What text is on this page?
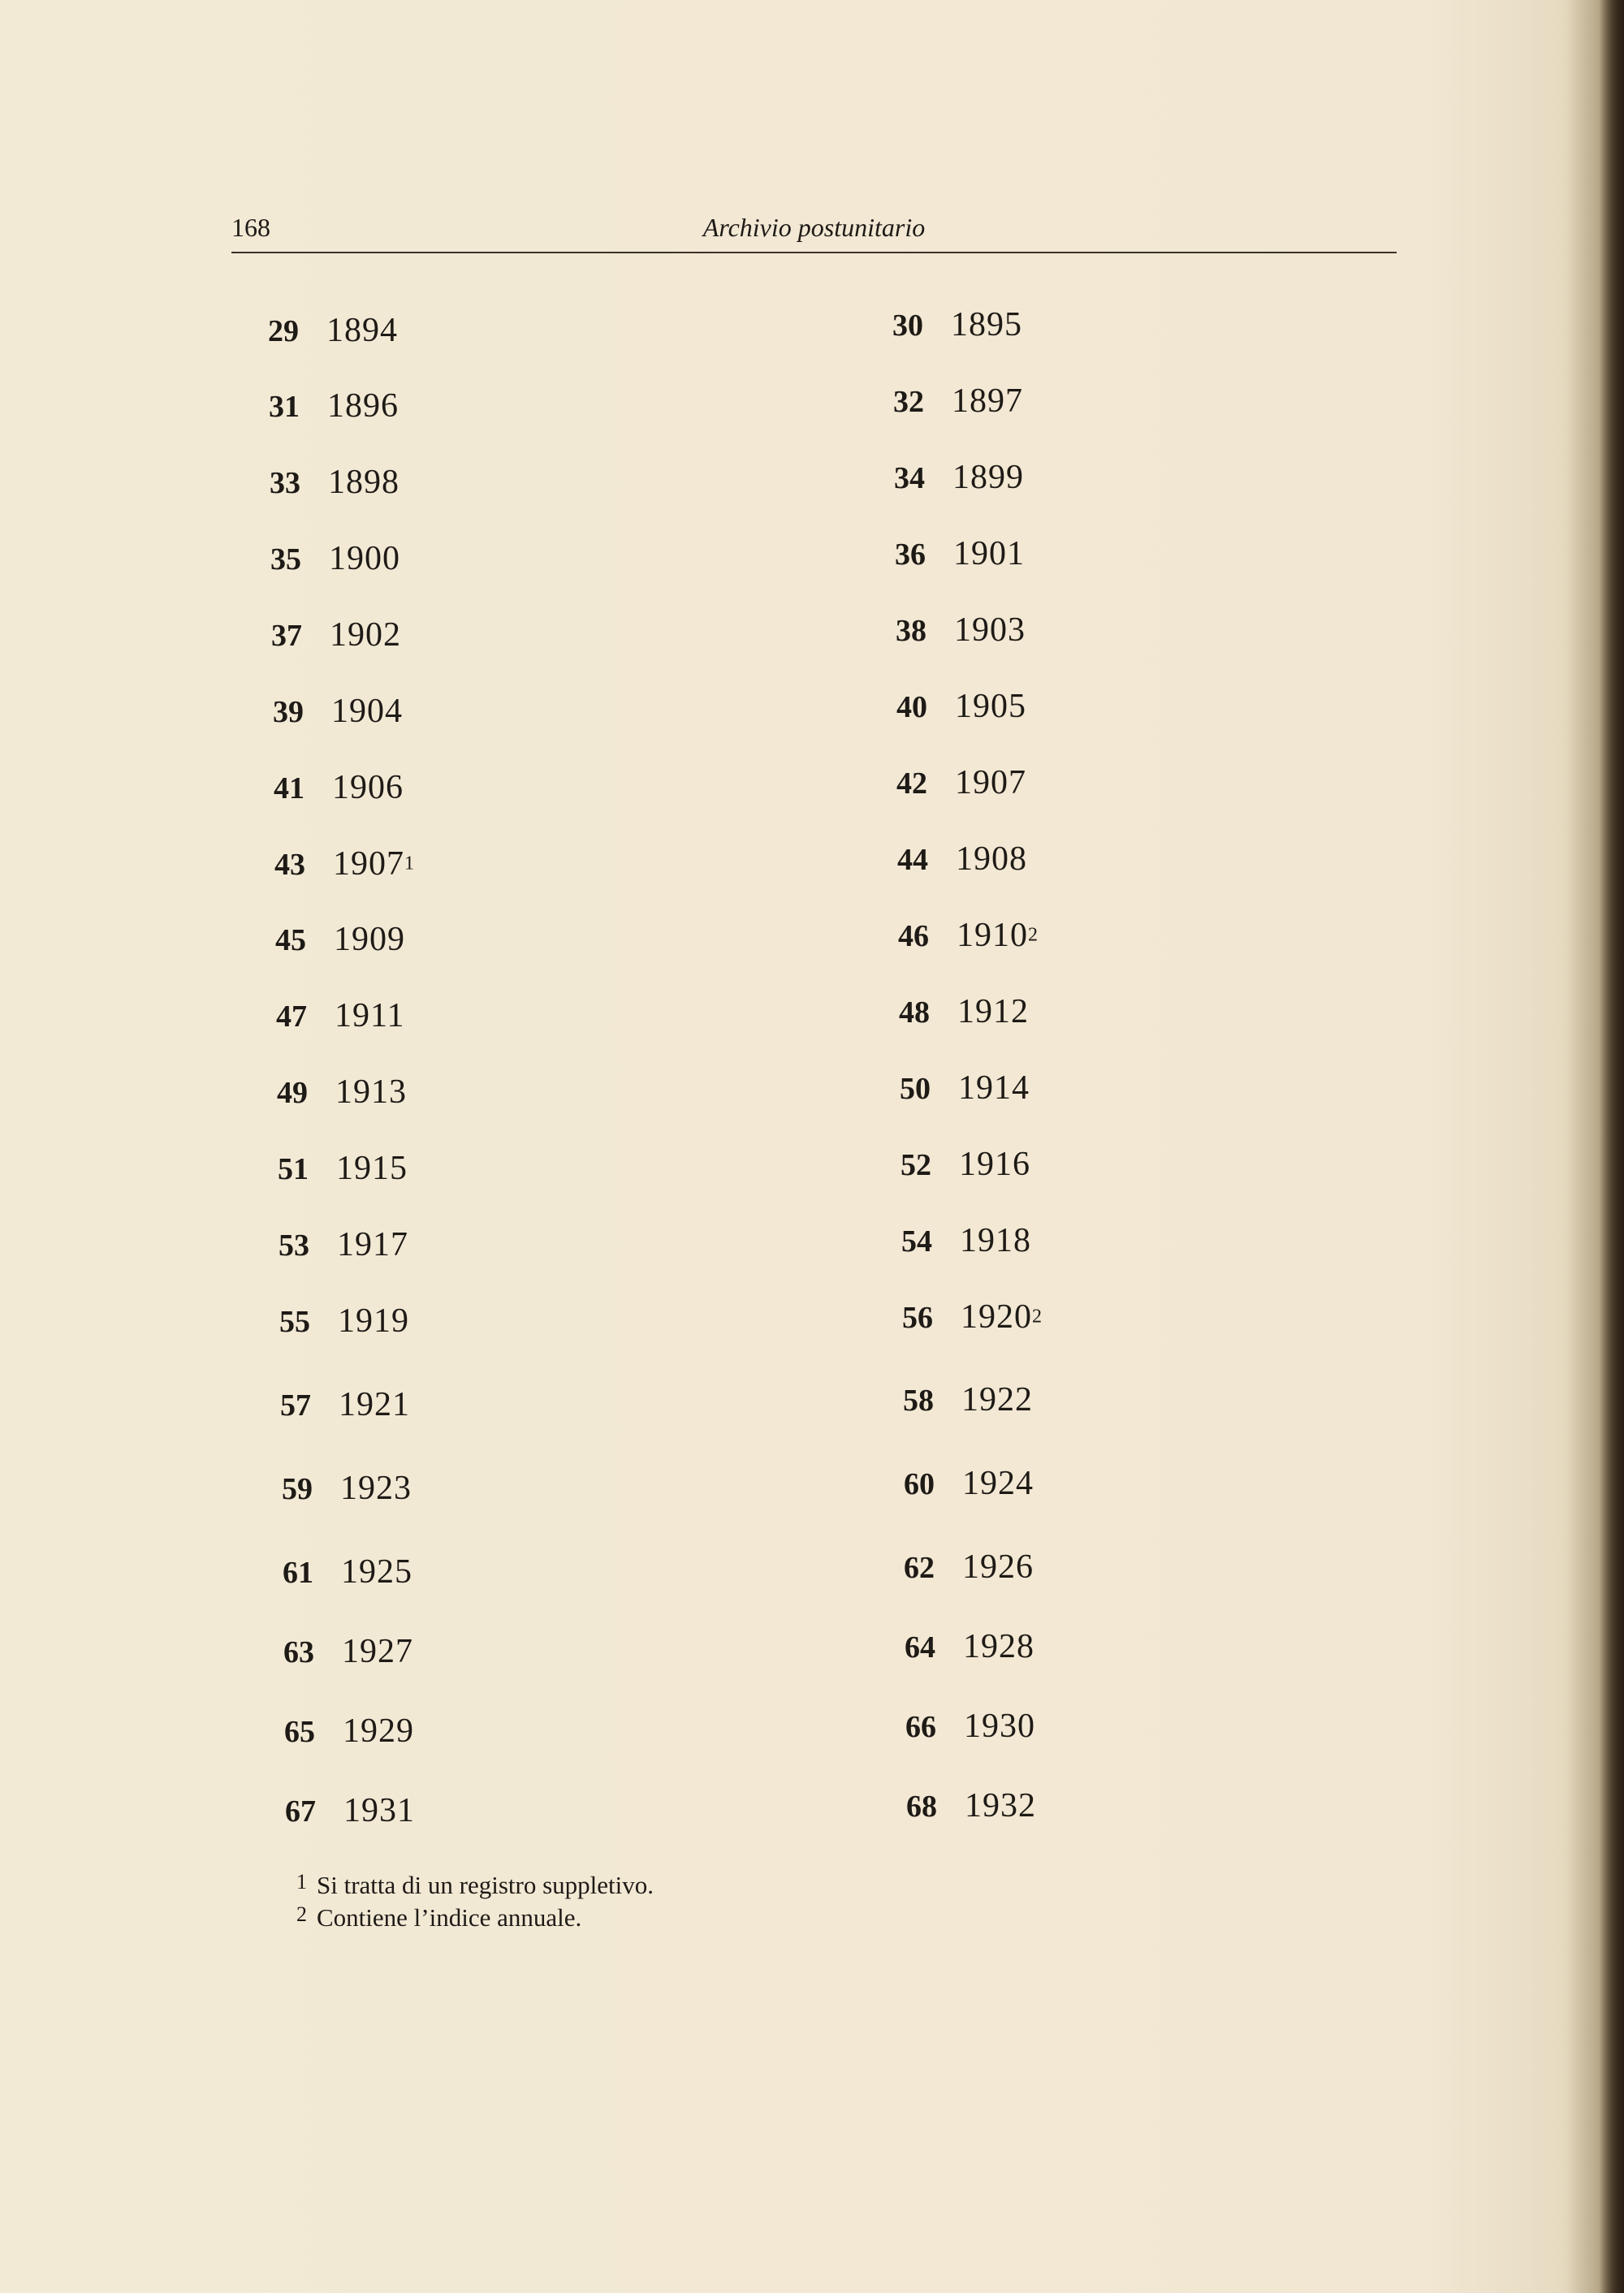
168	Archivio postunitario
29 1894
31 1896
33 1898
35 1900
37 1902
39 1904
41 1906
43 1907$^1$
45 1909
47 1911
49 1913
51 1915
53 1917
55 1919
57 1921
59 1923
61 1925
63 1927
65 1929
67 1931
30 1895
32 1897
34 1899
36 1901
38 1903
40 1905
42 1907
44 1908
46 1910$^2$
48 1912
50 1914
52 1916
54 1918
56 1920$^2$
58 1922
60 1924
62 1926
64 1928
66 1930
68 1932
1 Si tratta di un registro suppletivo.
2 Contiene l’indice annuale.
